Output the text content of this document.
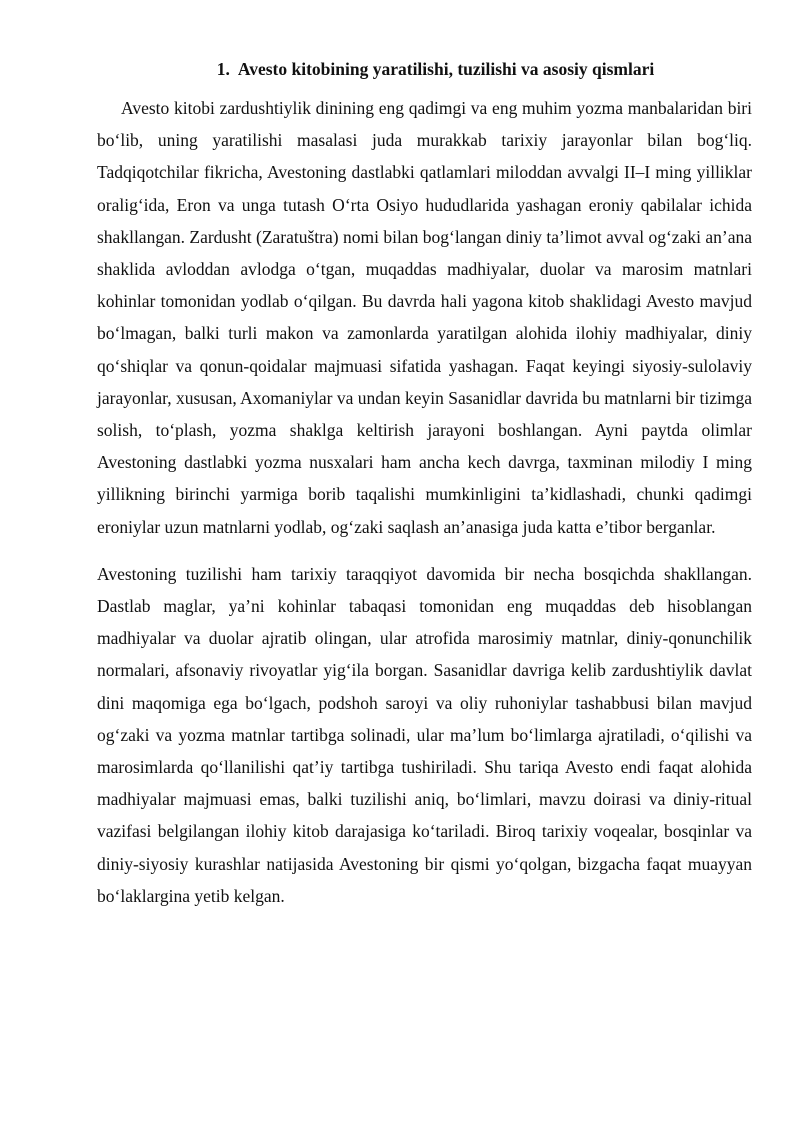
1. Avesto kitobining yaratilishi, tuzilishi va asosiy qismlari

Avesto kitobi zardushtiylik dinining eng qadimgi va eng muhim yozma manbalaridan biri bo‘lib, uning yaratilishi masalasi juda murakkab tarixiy jarayonlar bilan bog‘liq. Tadqiqotchilar fikricha, Avestoning dastlabki qatlamlari miloddan avvalgi II–I ming yilliklar oralig‘ida, Eron va unga tutash O‘rta Osiyo hududlarida yashagan eroniy qabilalar ichida shakllangan. Zardusht (Zaratuštra) nomi bilan bog‘langan diniy ta’limot avval og‘zaki an’ana shaklida avloddan avlodga o‘tgan, muqaddas madhiyalar, duolar va marosim matnlari kohinlar tomonidan yodlab o‘qilgan. Bu davrda hali yagona kitob shaklidagi Avesto mavjud bo‘lmagan, balki turli makon va zamonlarda yaratilgan alohida ilohiy madhiyalar, diniy qo‘shiqlar va qonun-qoidalar majmuasi sifatida yashagan. Faqat keyingi siyosiy-sulolaviy jarayonlar, xususan, Axomaniylar va undan keyin Sasanidlar davrida bu matnlarni bir tizimga solish, to‘plash, yozma shaklga keltirish jarayoni boshlangan. Ayni paytda olimlar Avestoning dastlabki yozma nusxalari ham ancha kech davrga, taxminan milodiy I ming yillikning birinchi yarmiga borib taqalishi mumkinligini ta’kidlashadi, chunki qadimgi eroniylar uzun matnlarni yodlab, og‘zaki saqlash an’anasiga juda katta e’tibor berganlar.

Avestoning tuzilishi ham tarixiy taraqqiyot davomida bir necha bosqichda shakllangan. Dastlab maglar, ya’ni kohinlar tabaqasi tomonidan eng muqaddas deb hisoblangan madhiyalar va duolar ajratib olingan, ular atrofida marosimiy matnlar, diniy-qonunchilik normalari, afsonaviy rivoyatlar yig‘ila borgan. Sasanidlar davriga kelib zardushtiylik davlat dini maqomiga ega bo‘lgach, podshoh saroyi va oliy ruhoniylar tashabbusi bilan mavjud og‘zaki va yozma matnlar tartibga solinadi, ular ma’lum bo‘limlarga ajratiladi, o‘qilishi va marosimlarda qo‘llanilishi qat’iy tartibga tushiriladi. Shu tariqa Avesto endi faqat alohida madhiyalar majmuasi emas, balki tuzilishi aniq, bo‘limlari, mavzu doirasi va diniy-ritual vazifasi belgilangan ilohiy kitob darajasiga ko‘tariladi. Biroq tarixiy voqealar, bosqinlar va diniy-siyosiy kurashlar natijasida Avestoning bir qismi yo‘qolgan, bizgacha faqat muayyan bo‘laklargina yetib kelgan.
